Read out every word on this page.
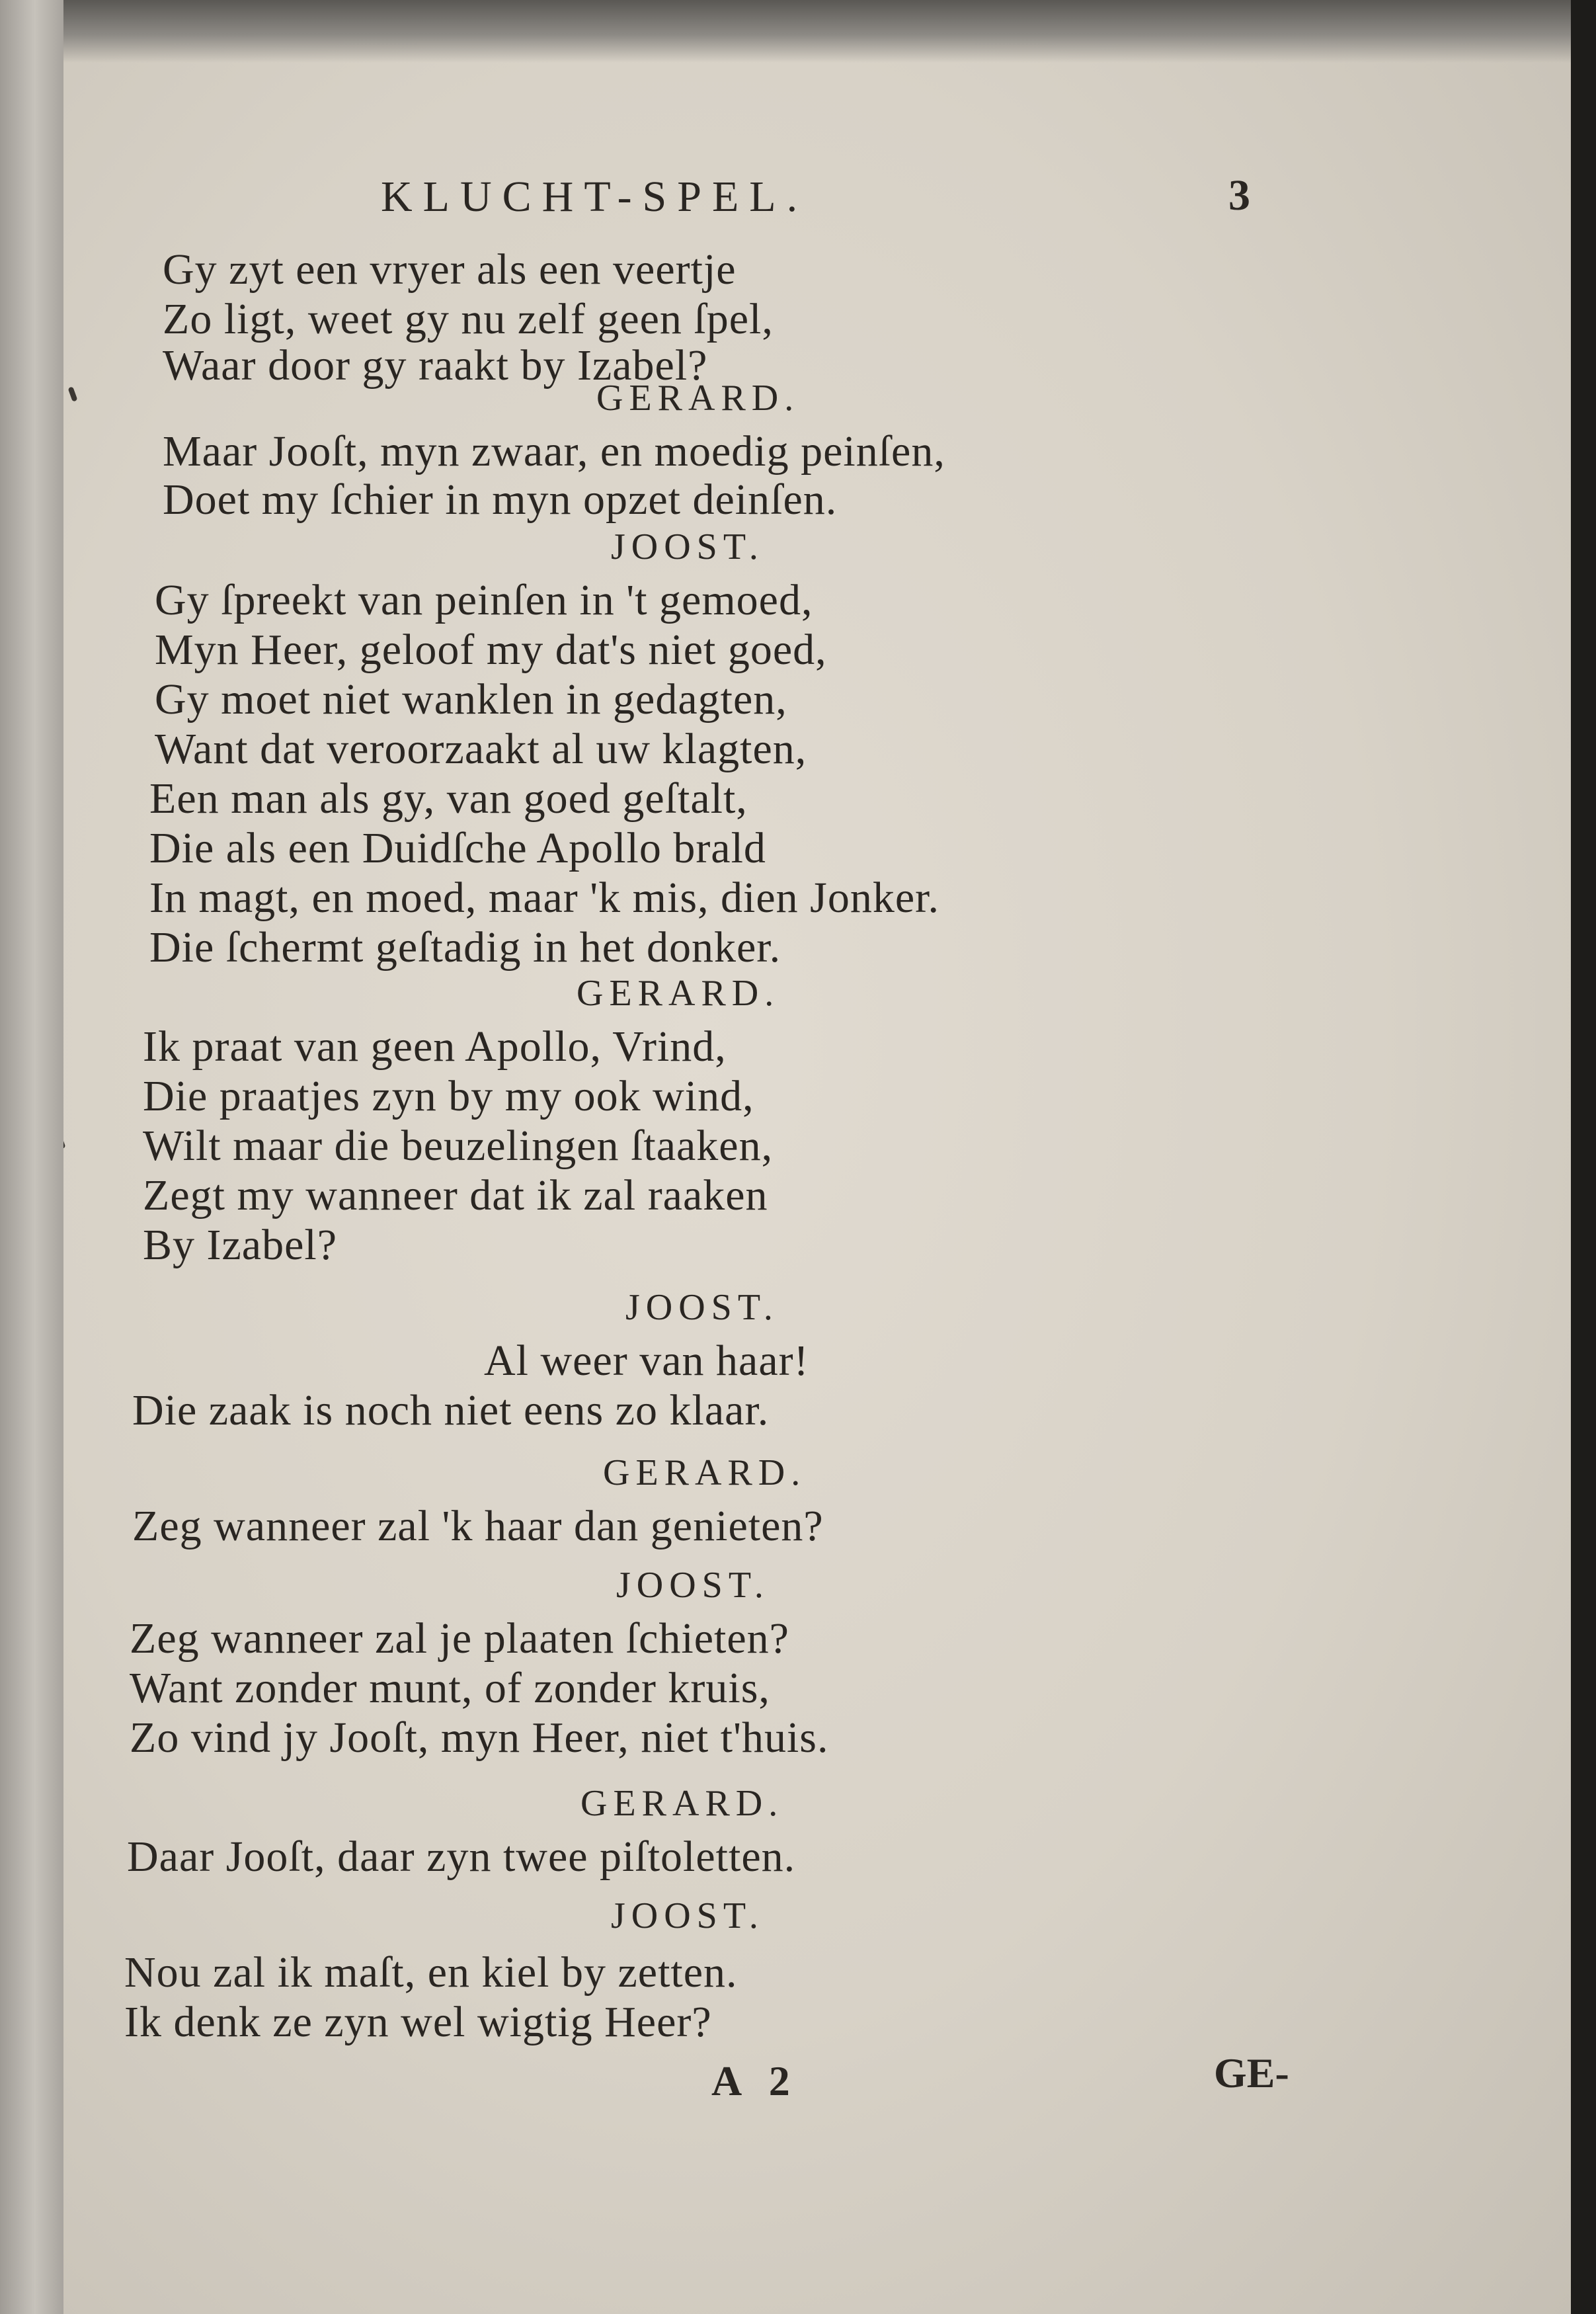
KLUCHT-SPEL.	3
Gy zyt een vryer als een veertje
Zo ligt, weet gy nu zelf geen ſpel,
Waar door gy raakt by Izabel?
GERARD.
Maar Jooſt, myn zwaar, en moedig peinſen,
Doet my ſchier in myn opzet deinſen.
JOOST.
Gy ſpreekt van peinſen in 't gemoed,
Myn Heer, geloof my dat's niet goed,
Gy moet niet wanklen in gedagten,
Want dat veroorzaakt al uw klagten,
Een man als gy, van goed geſtalt,
Die als een Duidſche Apollo brald
In magt, en moed, maar 'k mis, dien Jonker.
Die ſchermt geſtadig in het donker.
GERARD.
Ik praat van geen Apollo, Vrind,
Die praatjes zyn by my ook wind,
Wilt maar die beuzelingen ſtaaken,
Zegt my wanneer dat ik zal raaken
By Izabel?
JOOST.
Al weer van haar!
Die zaak is noch niet eens zo klaar.
GERARD.
Zeg wanneer zal 'k haar dan genieten?
JOOST.
Zeg wanneer zal je plaaten ſchieten?
Want zonder munt, of zonder kruis,
Zo vind jy Jooſt, myn Heer, niet t'huis.
GERARD.
Daar Jooſt, daar zyn twee piſtoletten.
JOOST.
Nou zal ik maſt, en kiel by zetten.
Ik denk ze zyn wel wigtig Heer?
A 2	GE-
